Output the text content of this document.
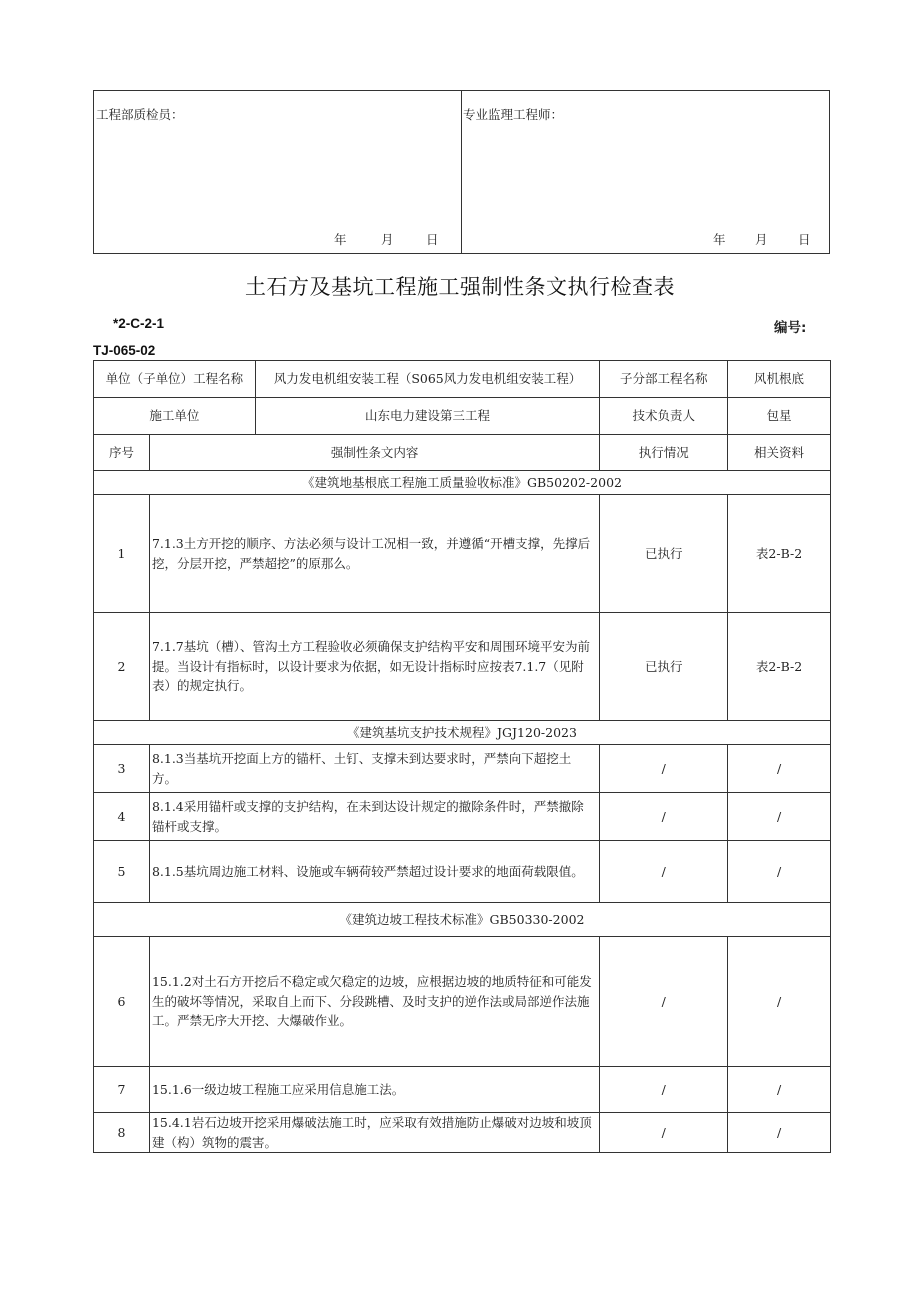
工程部质检员：
年	月	日

专业监理工程师：
年 月 日
土石方及基坑工程施工强制性条文执行检查表
*2-C-2-1
TJ-065-02
编号:
单位（子单位）工程名称		风力发电机组安装工程（S065风力发电机组安装工程）	子分部工程名称	风机根底
施工单位		山东电力建设第三工程	技术负责人	包星
序号	强制性条文内容		执行情况	相关资料
《建筑地基根底工程施工质量验收标准》GB50202-2002				
1	7.1.3土方开挖的顺序、方法必须与设计工况相一致，并遵循“开槽支撑，先撑后挖，分层开挖，严禁超挖”的原那么。		已执行	表2-B-2
2	7.1.7基坑（槽）、管沟土方工程验收必须确保支护结构平安和周围环境平安为前提。当设计有指标时，以设计要求为依据，如无设计指标时应按表7.1.7（见附表）的规定执行。		已执行	表2-B-2
《建筑基坑支护技术规程》JGJ120-2023				
3	8.1.3当基坑开挖面上方的锚杆、土钉、支撑未到达要求时，严禁向下超挖土方。		/	/
4	8.1.4采用锚杆或支撑的支护结构，在未到达设计规定的撤除条件时，严禁撤除锚杆或支撑。		/	/
5	8.1.5基坑周边施工材料、设施或车辆荷较严禁超过设计要求的地面荷载限值。		/	/
《建筑边坡工程技术标准》GB50330-2002				
6	15.1.2对土石方开挖后不稳定或欠稳定的边坡，应根据边坡的地质特征和可能发生的破坏等情况，采取自上而下、分段跳槽、及时支护的逆作法或局部逆作法施工。严禁无序大开挖、大爆破作业。		/	/
7	15.1.6一级边坡工程施工应采用信息施工法。		/	/
8	15.4.1岩石边坡开挖采用爆破法施工时，应采取有效措施防止爆破对边坡和坡顶建（构）筑物的震害。		/	/
